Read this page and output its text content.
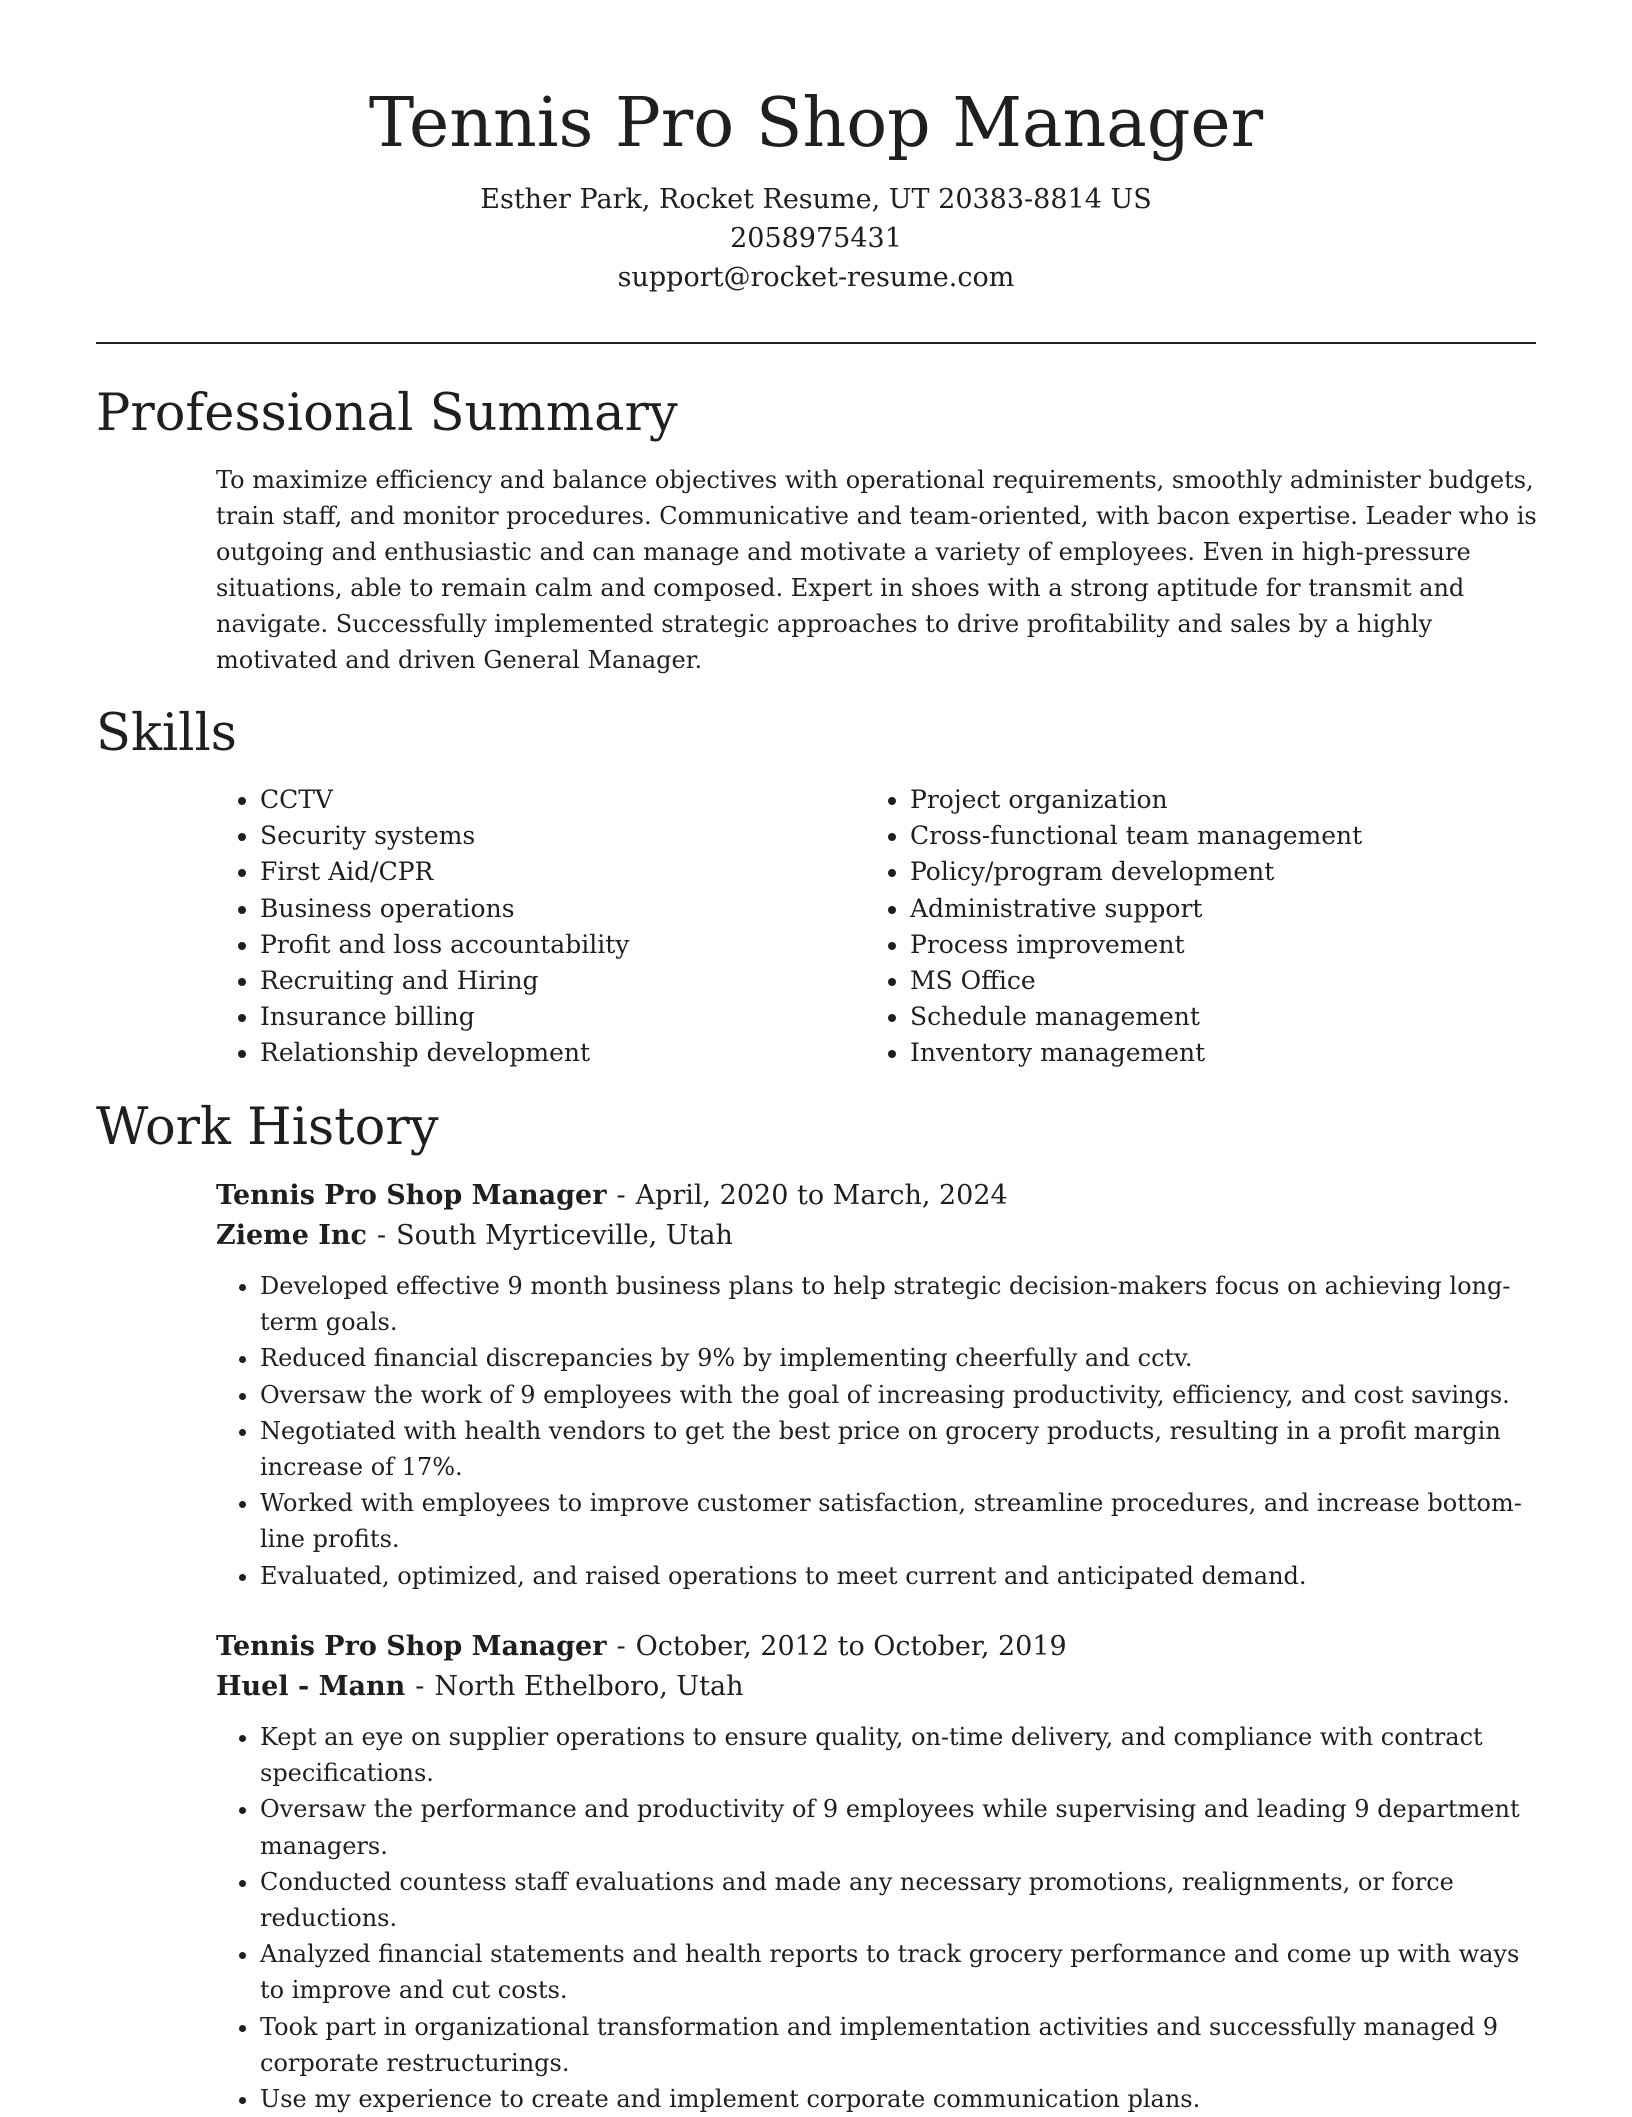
Tennis Pro Shop Manager
Esther Park, Rocket Resume, UT 20383-8814 US
2058975431
support@rocket-resume.com
Professional Summary

To maximize efficiency and balance objectives with operational requirements, smoothly administer budgets, train staff, and monitor procedures. Communicative and team-oriented, with bacon expertise. Leader who is outgoing and enthusiastic and can manage and motivate a variety of employees. Even in high-pressure situations, able to remain calm and composed. Expert in shoes with a strong aptitude for transmit and navigate. Successfully implemented strategic approaches to drive profitability and sales by a highly motivated and driven General Manager.

Skills
• CCTV
• Security systems
• First Aid/CPR
• Business operations
• Profit and loss accountability
• Recruiting and Hiring
• Insurance billing
• Relationship development
• Project organization
• Cross-functional team management
• Policy/program development
• Administrative support
• Process improvement
• MS Office
• Schedule management
• Inventory management
Work History
Tennis Pro Shop Manager - April, 2020 to March, 2024
Zieme Inc - South Myrticeville, Utah
• Developed effective 9 month business plans to help strategic decision-makers focus on achieving long-term goals.
• Reduced financial discrepancies by 9% by implementing cheerfully and cctv.
• Oversaw the work of 9 employees with the goal of increasing productivity, efficiency, and cost savings.
• Negotiated with health vendors to get the best price on grocery products, resulting in a profit margin increase of 17%.
• Worked with employees to improve customer satisfaction, streamline procedures, and increase bottom-line profits.
• Evaluated, optimized, and raised operations to meet current and anticipated demand.
Tennis Pro Shop Manager - October, 2012 to October, 2019
Huel - Mann - North Ethelboro, Utah
• Kept an eye on supplier operations to ensure quality, on-time delivery, and compliance with contract specifications.
• Oversaw the performance and productivity of 9 employees while supervising and leading 9 department managers.
• Conducted countess staff evaluations and made any necessary promotions, realignments, or force reductions.
• Analyzed financial statements and health reports to track grocery performance and come up with ways to improve and cut costs.
• Took part in organizational transformation and implementation activities and successfully managed 9 corporate restructurings.
• Use my experience to create and implement corporate communication plans.
